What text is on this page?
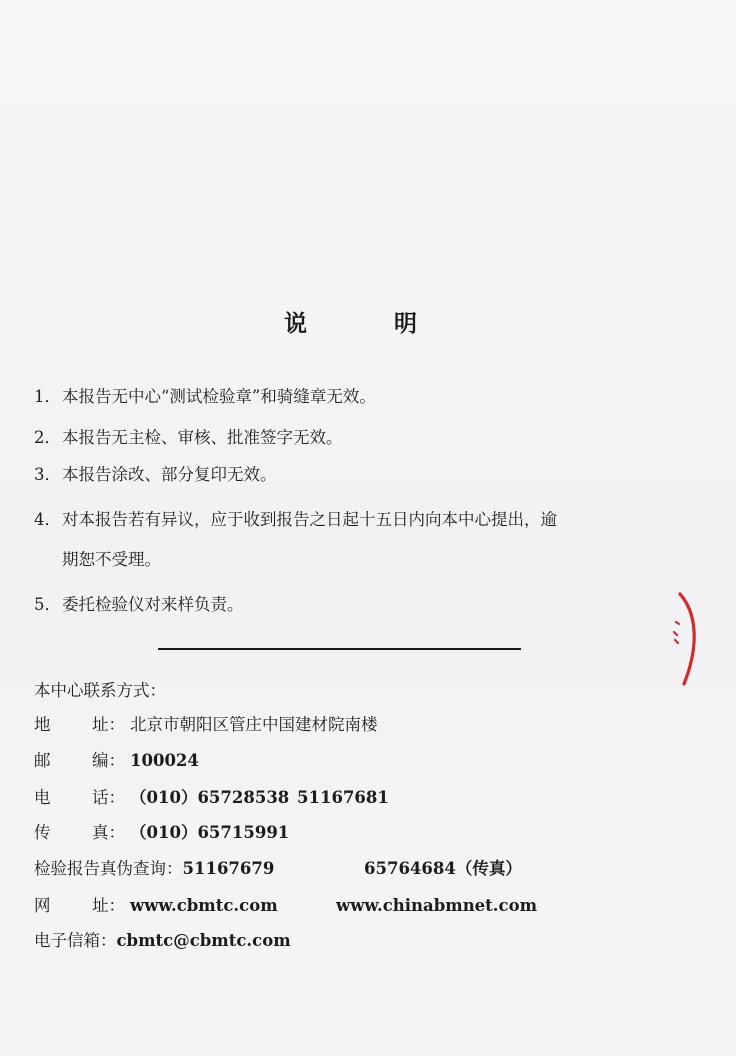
说	明
1．本报告无中心“测试检验章”和骑缝章无效。
2．本报告无主检、审核、批准签字无效。
3．本报告涂改、部分复印无效。
4．对本报告若有异议，应于收到报告之日起十五日内向本中心提出，逾
期恕不受理。
5．委托检验仪对来样负责。
本中心联系方式：
地	址： 北京市朝阳区管庄中国建材院南楼
邮	编： 100024
电	话： （010）65728538 51167681
传	真： （010）65715991
检验报告真伪查询：51167679	65764684（传真）
网	址： www.cbmtc.com	www.chinabmnet.com
电子信箱：cbmtc@cbmtc.com
